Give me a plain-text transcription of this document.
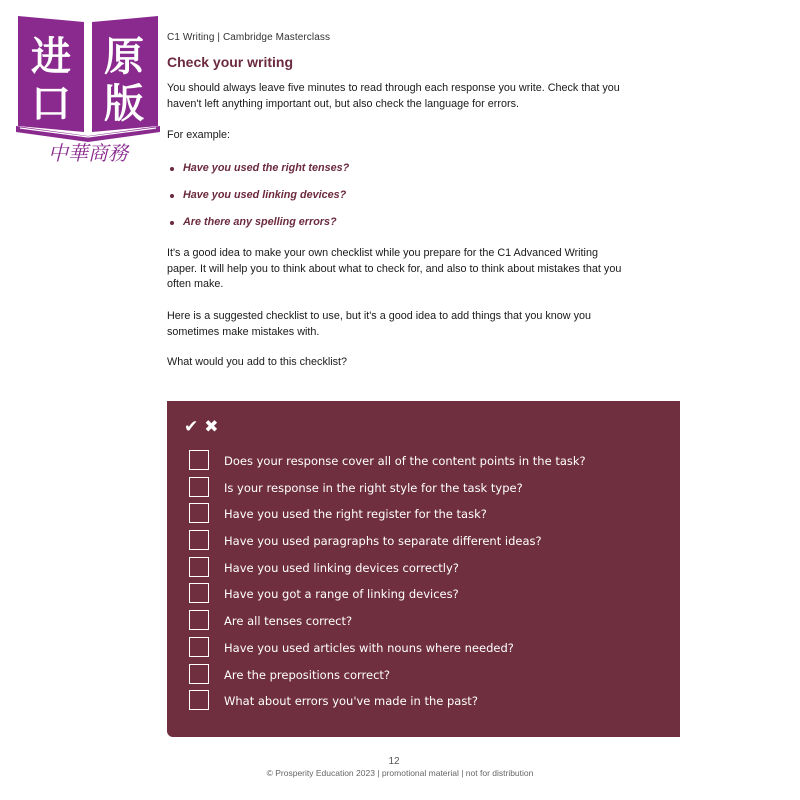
进 原
口 版
中華商務
C1 Writing | Cambridge Masterclass
Check your writing

You should always leave five minutes to read through each response you write. Check that you haven't left anything important out, but also check the language for errors.

For example:

Have you used the right tenses?
Have you used linking devices?
Are there any spelling errors?

It's a good idea to make your own checklist while you prepare for the C1 Advanced Writing paper. It will help you to think about what to check for, and also to think about mistakes that you often make.

Here is a suggested checklist to use, but it's a good idea to add things that you know you sometimes make mistakes with.

What would you add to this checklist?

✔ ✖
Does your response cover all of the content points in the task?
Is your response in the right style for the task type?
Have you used the right register for the task?
Have you used paragraphs to separate different ideas?
Have you used linking devices correctly?
Have you got a range of linking devices?
Are all tenses correct?
Have you used articles with nouns where needed?
Are the prepositions correct?
What about errors you've made in the past?
12
© Prosperity Education 2023 | promotional material | not for distribution
